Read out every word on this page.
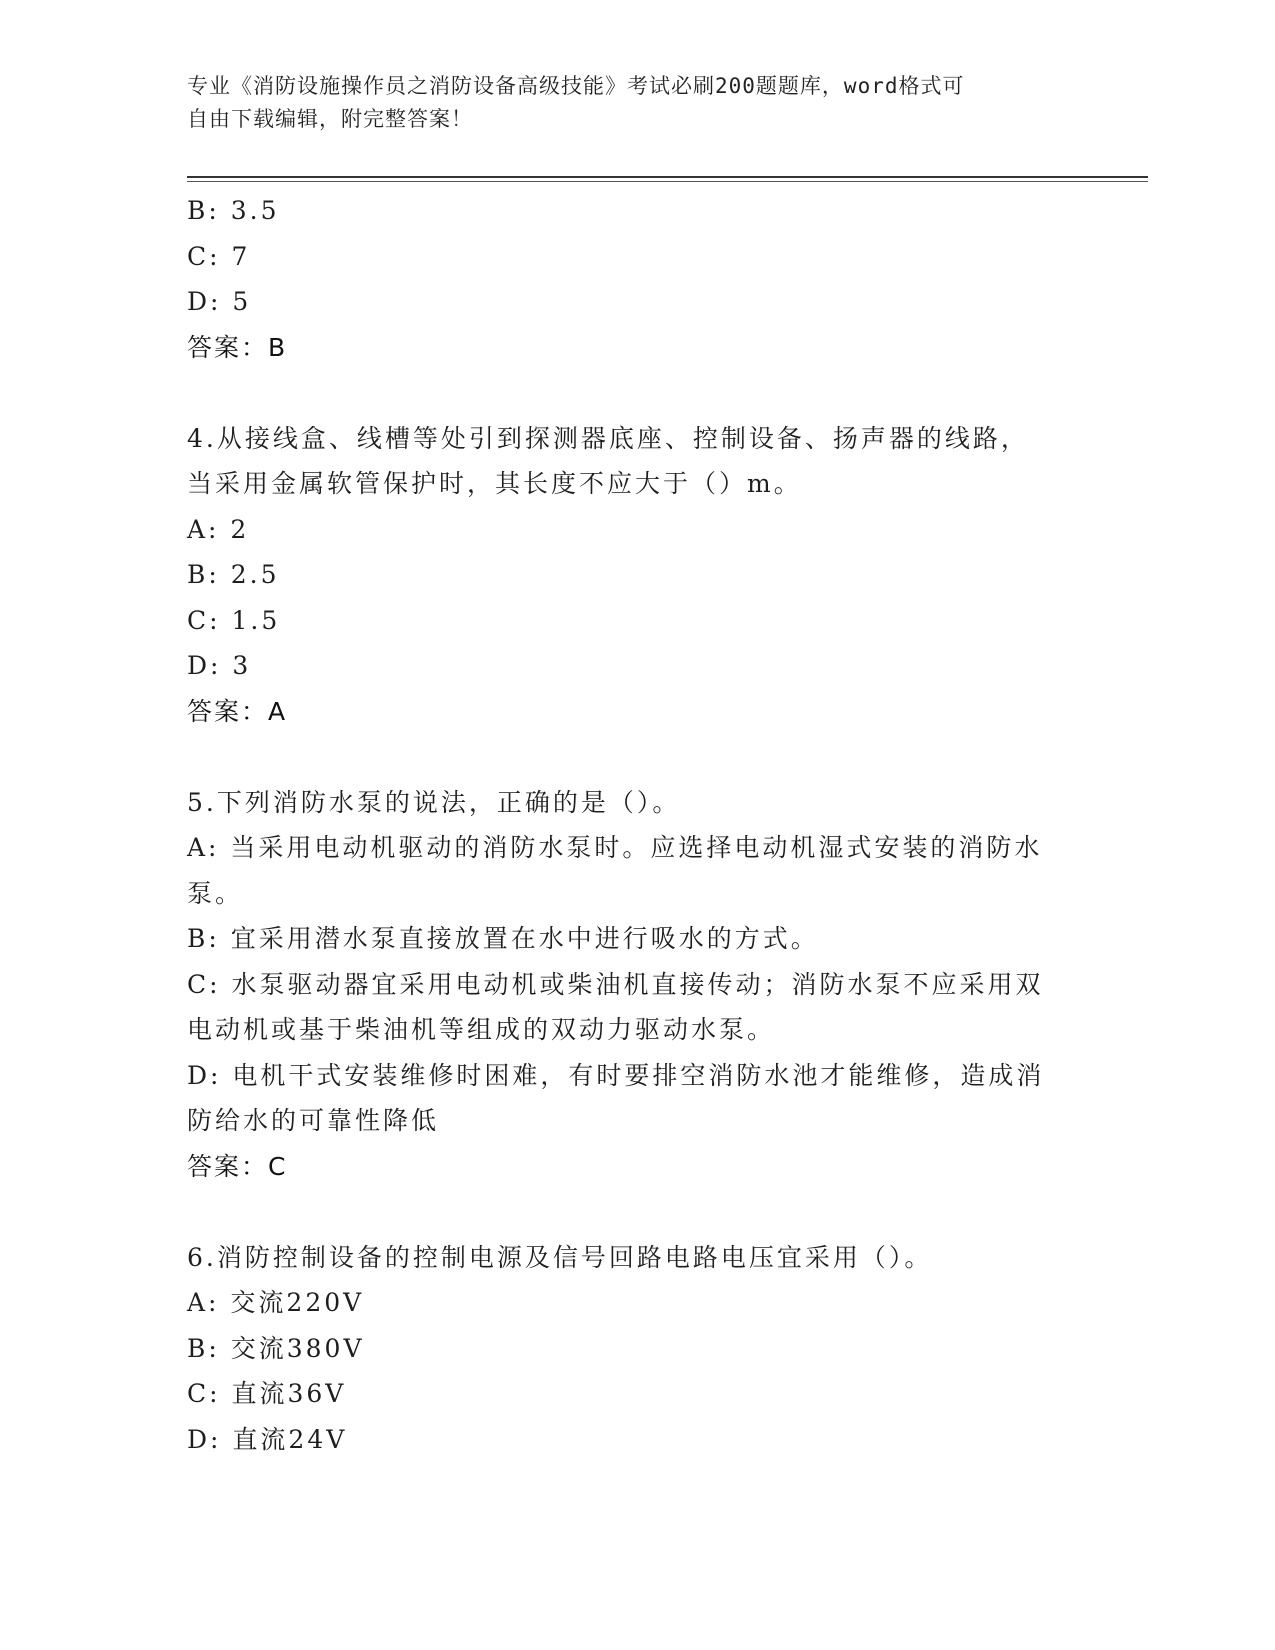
专业《消防设施操作员之消防设备高级技能》考试必刷200题题库，word格式可
自由下载编辑，附完整答案！
B: 3.5
C: 7
D: 5
答案：B
4.从接线盒、线槽等处引到探测器底座、控制设备、扬声器的线路，
当采用金属软管保护时，其长度不应大于（）m。
A: 2
B: 2.5
C: 1.5
D: 3
答案：A
5.下列消防水泵的说法，正确的是（）。
A: 当采用电动机驱动的消防水泵时。应选择电动机湿式安装的消防水
泵。
B: 宜采用潜水泵直接放置在水中进行吸水的方式。
C: 水泵驱动器宜采用电动机或柴油机直接传动；消防水泵不应采用双
电动机或基于柴油机等组成的双动力驱动水泵。
D: 电机干式安装维修时困难，有时要排空消防水池才能维修，造成消
防给水的可靠性降低
答案：C
6.消防控制设备的控制电源及信号回路电路电压宜采用（）。
A: 交流220V
B: 交流380V
C: 直流36V
D: 直流24V
